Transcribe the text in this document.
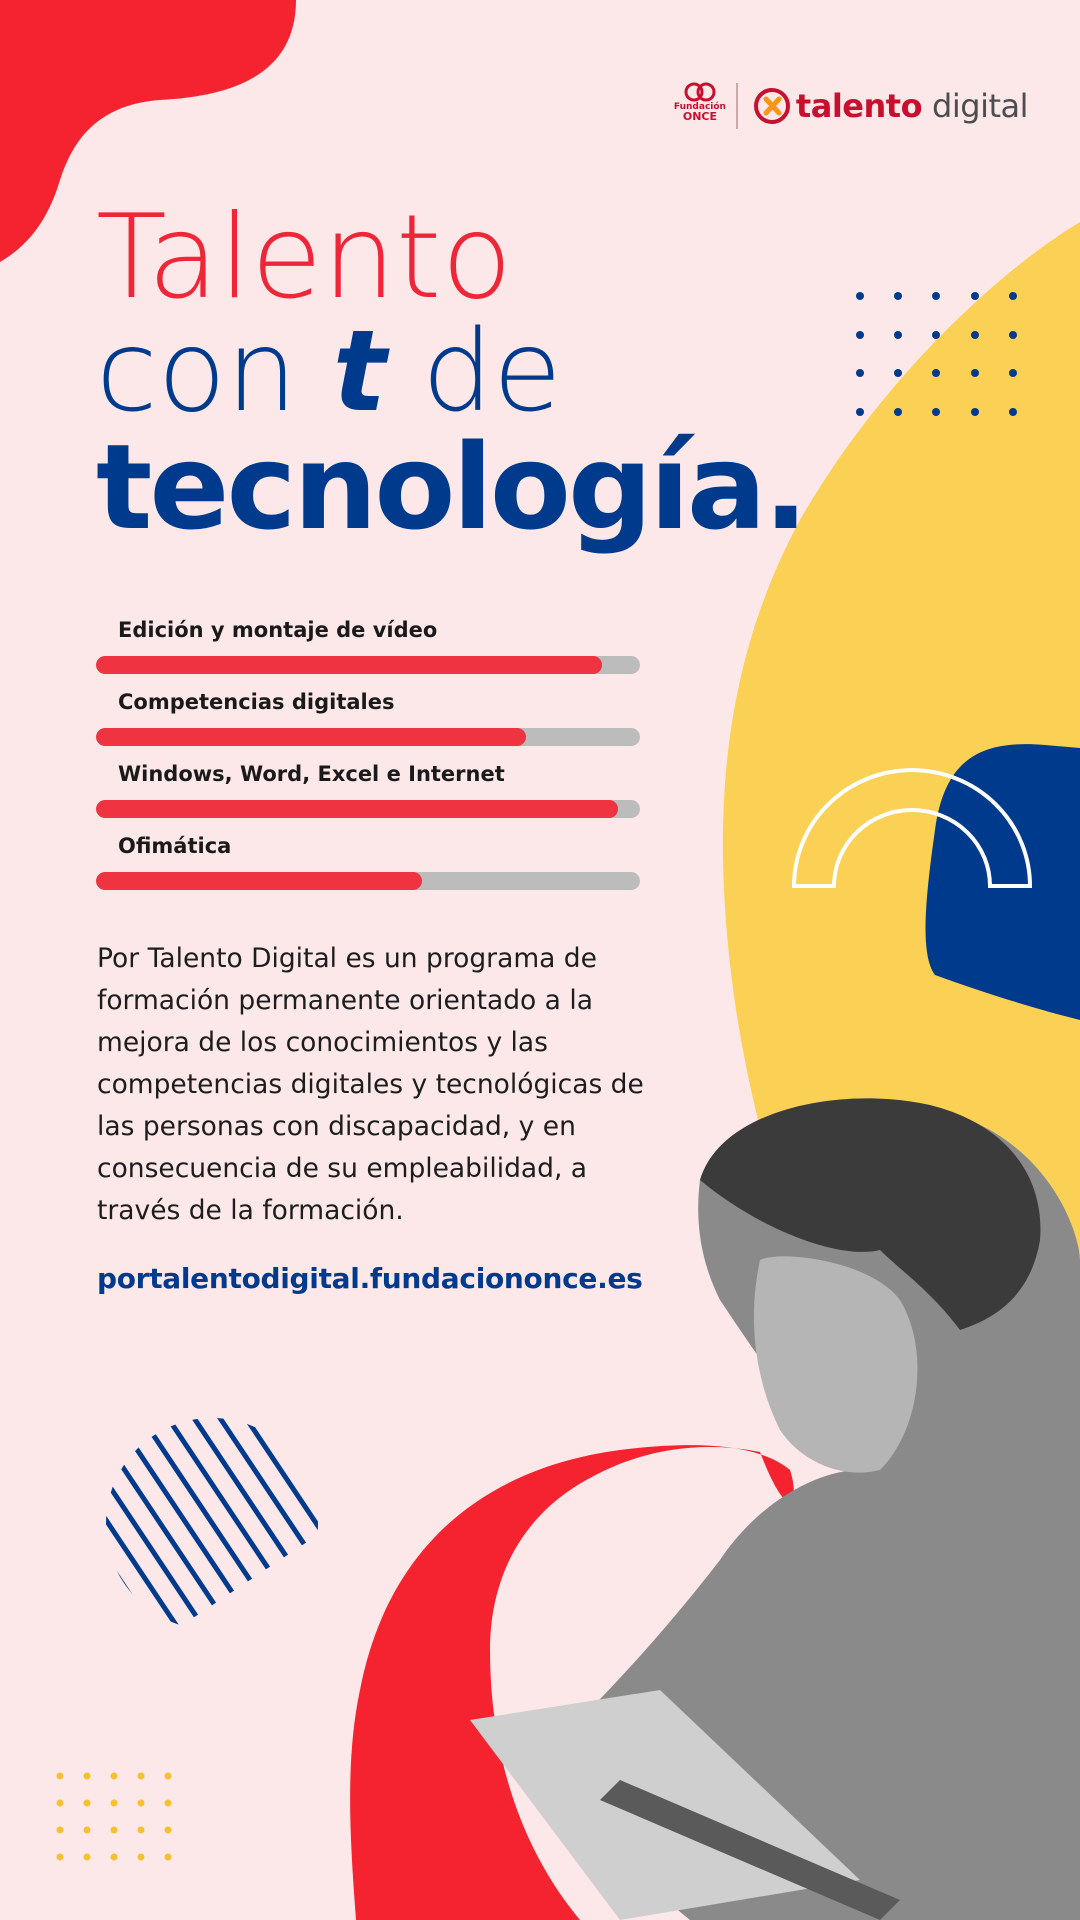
Fundación
ONCE talento digital
Talento
con t de
tecnología.
Edición y montaje de vídeo
Competencias digitales
Windows, Word, Excel e Internet
Ofimática

Por Talento Digital es un programa de formación permanente orientado a la mejora de los conocimientos y las competencias digitales y tecnológicas de las personas con discapacidad, y en consecuencia de su empleabilidad, a través de la formación.

portalentodigital.fundaciononce.es
